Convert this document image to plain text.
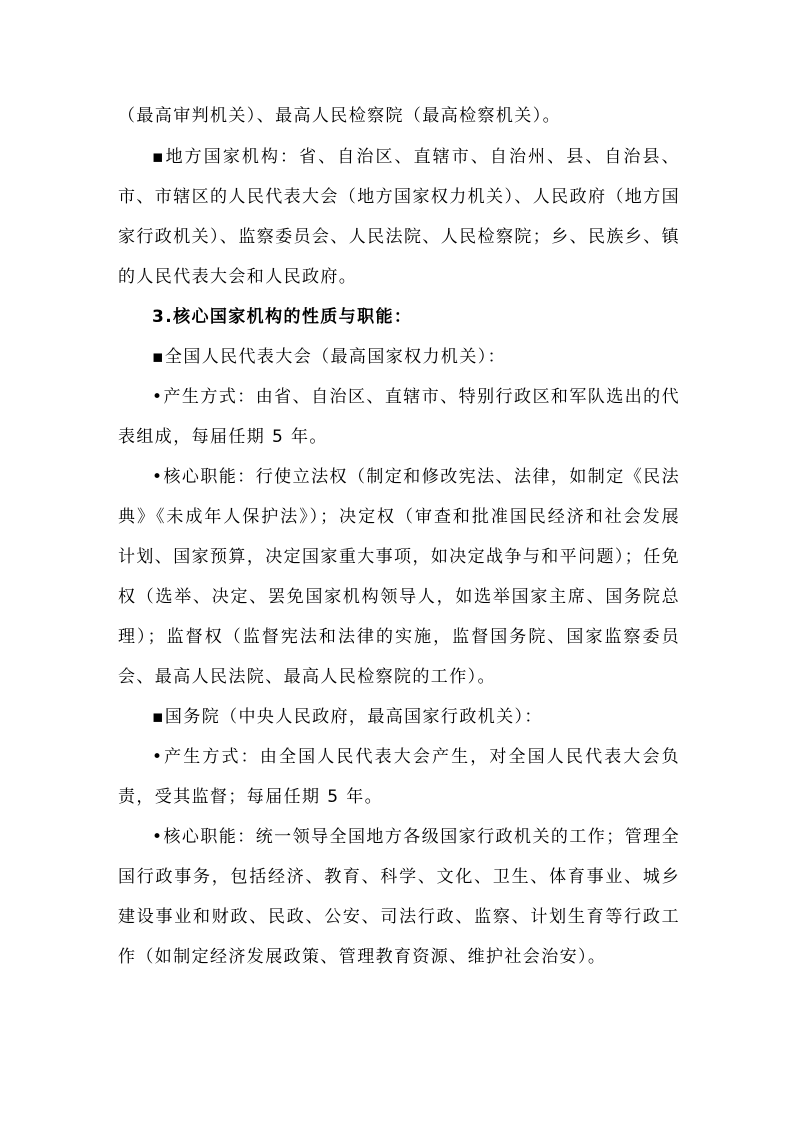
（最高审判机关）、最高人民检察院（最高检察机关）。

▪地方国家机构：省、自治区、直辖市、自治州、县、自治县、市、市辖区的人民代表大会（地方国家权力机关）、人民政府（地方国家行政机关）、监察委员会、人民法院、人民检察院；乡、民族乡、镇的人民代表大会和人民政府。

3.核心国家机构的性质与职能：

▪全国人民代表大会（最高国家权力机关）：

•产生方式：由省、自治区、直辖市、特别行政区和军队选出的代表组成，每届任期 5 年。

•核心职能：行使立法权（制定和修改宪法、法律，如制定《民法典》《未成年人保护法》）；决定权（审查和批准国民经济和社会发展计划、国家预算，决定国家重大事项，如决定战争与和平问题）；任免权（选举、决定、罢免国家机构领导人，如选举国家主席、国务院总理）；监督权（监督宪法和法律的实施，监督国务院、国家监察委员会、最高人民法院、最高人民检察院的工作）。

▪国务院（中央人民政府，最高国家行政机关）：

•产生方式：由全国人民代表大会产生，对全国人民代表大会负责，受其监督；每届任期 5 年。

•核心职能：统一领导全国地方各级国家行政机关的工作；管理全国行政事务，包括经济、教育、科学、文化、卫生、体育事业、城乡建设事业和财政、民政、公安、司法行政、监察、计划生育等行政工作（如制定经济发展政策、管理教育资源、维护社会治安）。
